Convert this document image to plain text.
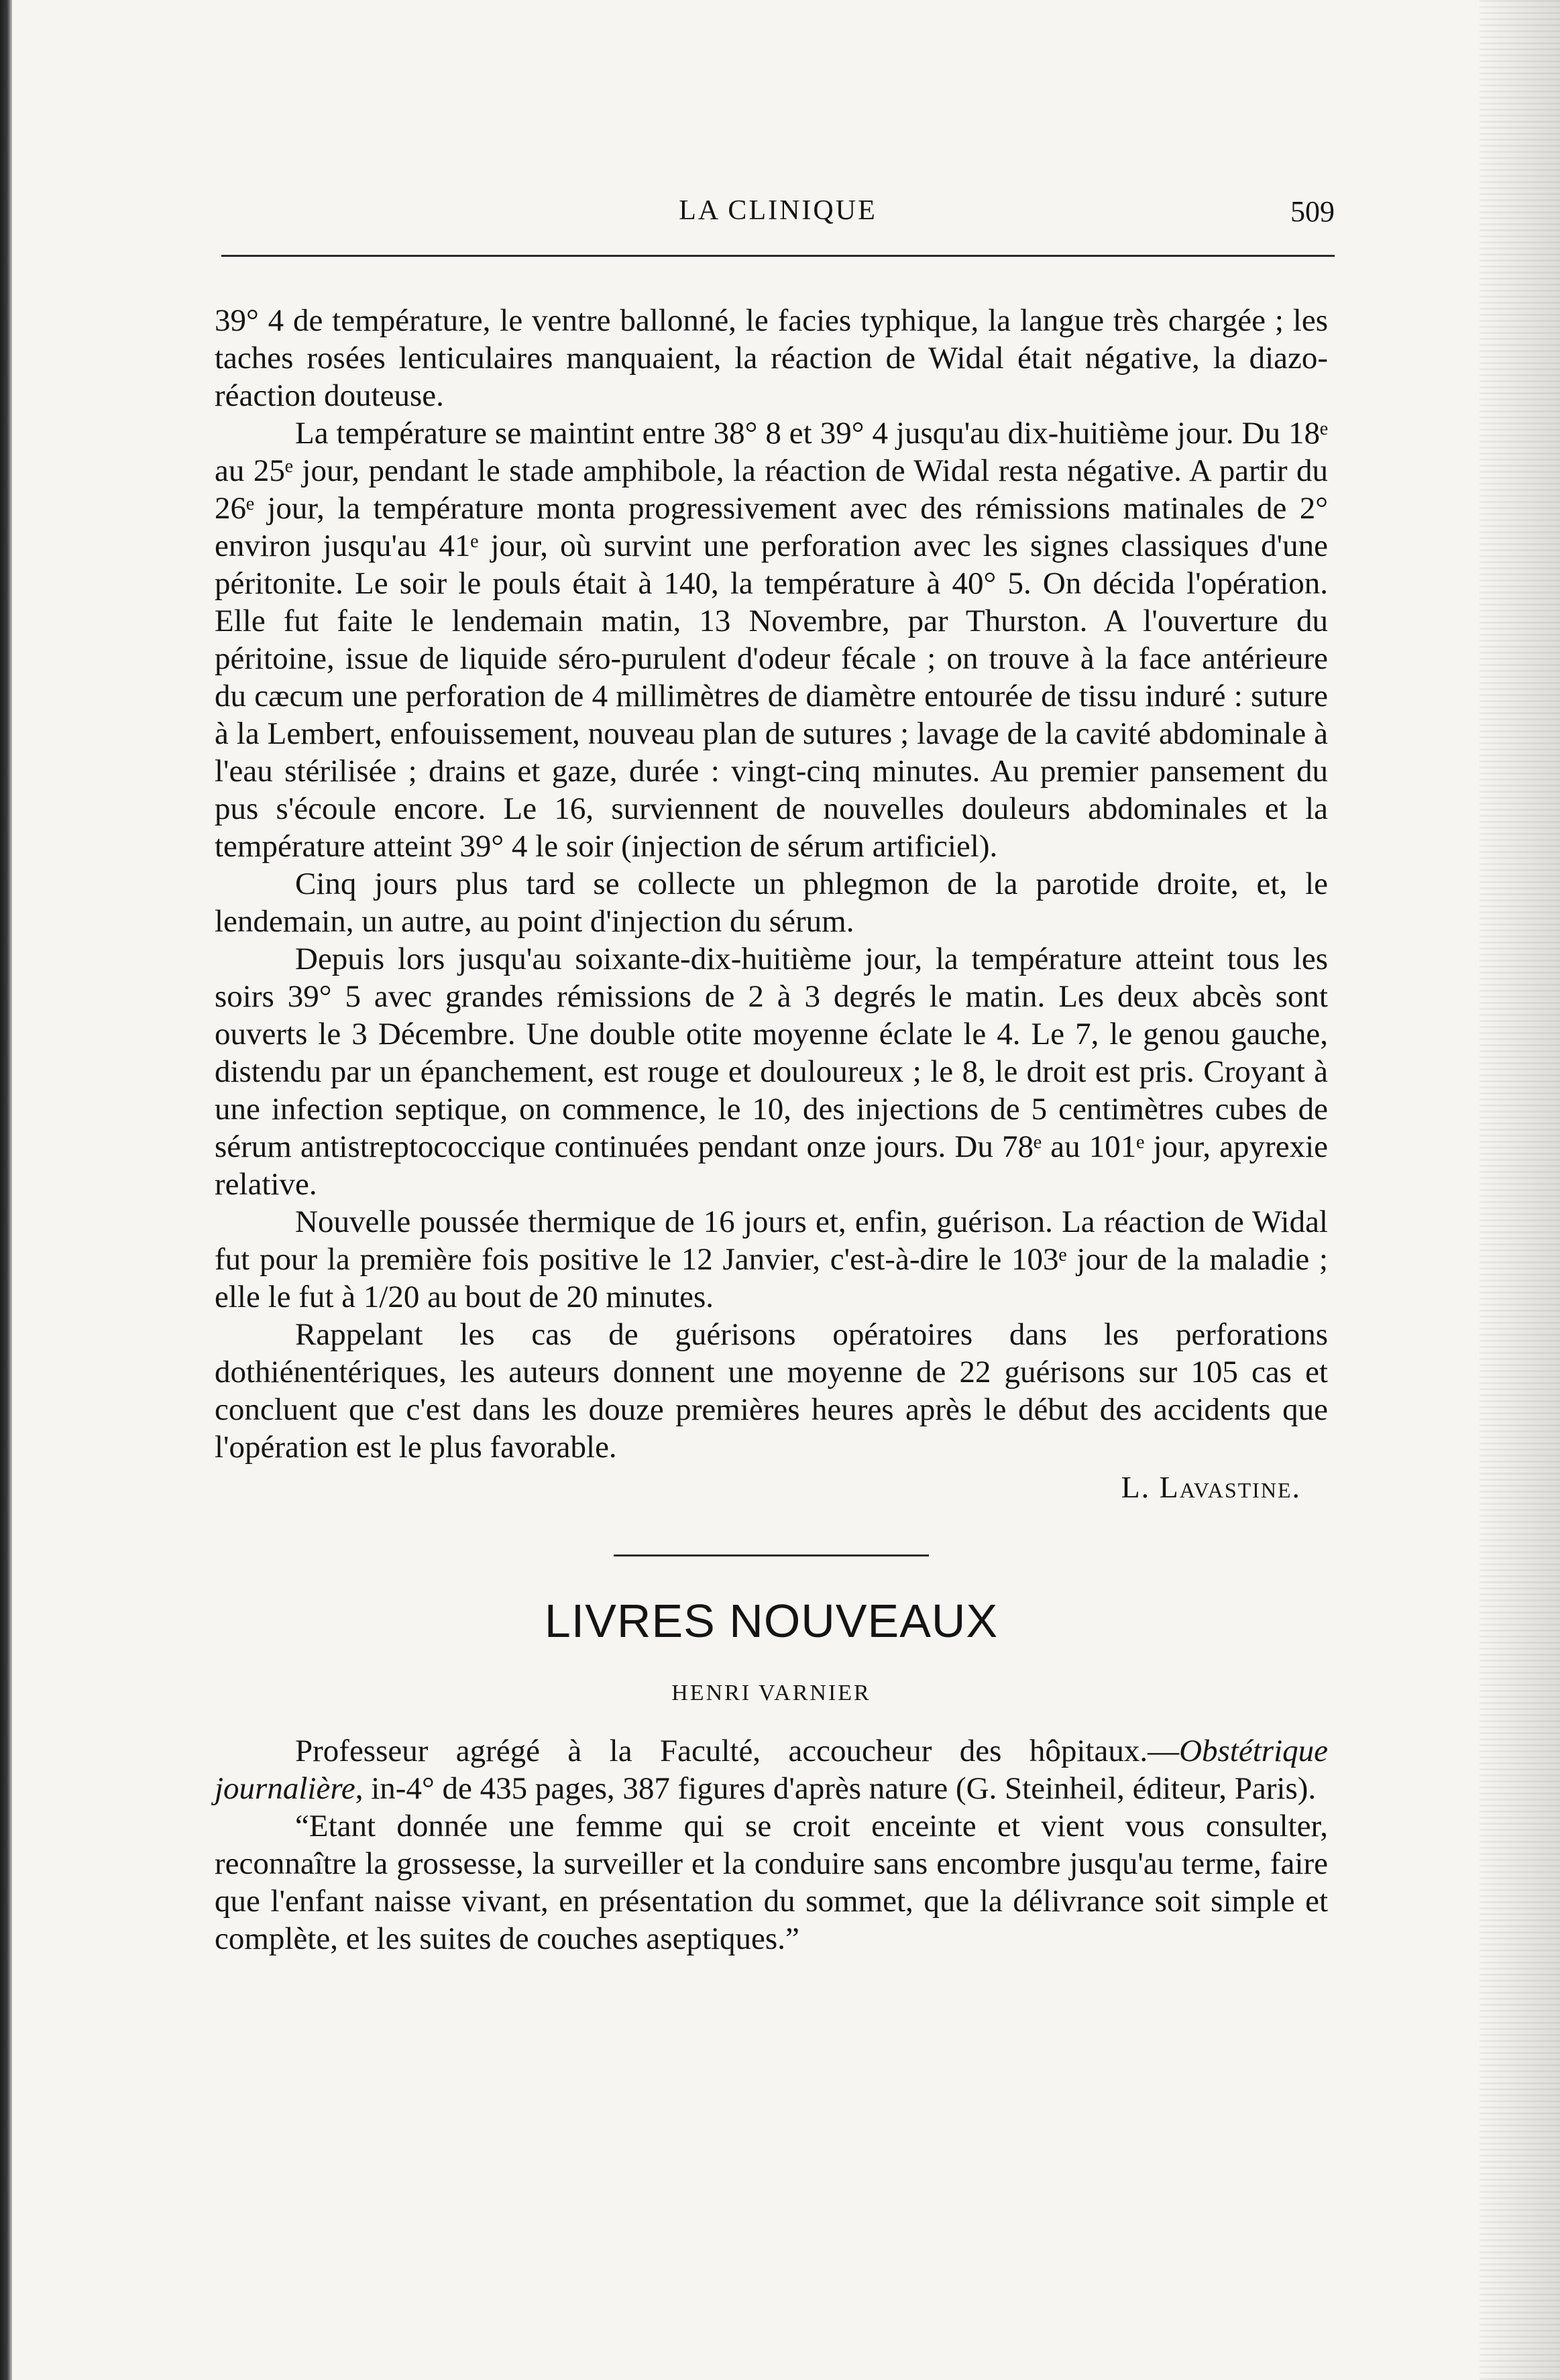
LA CLINIQUE	509

39° 4 de température, le ventre ballonné, le facies typhique, la langue très chargée ; les taches rosées lenticulaires manquaient, la réaction de Widal était négative, la diazo-réaction douteuse.

La température se maintint entre 38° 8 et 39° 4 jusqu'au dix-huitième jour. Du 18ᵉ au 25ᵉ jour, pendant le stade amphibole, la réaction de Widal resta négative. A partir du 26ᵉ jour, la température monta progressivement avec des rémissions matinales de 2° environ jusqu'au 41ᵉ jour, où survint une perforation avec les signes classiques d'une péritonite. Le soir le pouls était à 140, la température à 40° 5. On décida l'opération. Elle fut faite le lendemain matin, 13 Novembre, par Thurston. A l'ouverture du péritoine, issue de liquide séro-purulent d'odeur fécale ; on trouve à la face antérieure du cæcum une perforation de 4 millimètres de diamètre entourée de tissu induré : suture à la Lembert, enfouissement, nouveau plan de sutures ; lavage de la cavité abdominale à l'eau stérilisée ; drains et gaze, durée : vingt-cinq minutes. Au premier pansement du pus s'écoule encore. Le 16, surviennent de nouvelles douleurs abdominales et la température atteint 39° 4 le soir (injection de sérum artificiel).

Cinq jours plus tard se collecte un phlegmon de la parotide droite, et, le lendemain, un autre, au point d'injection du sérum.

Depuis lors jusqu'au soixante-dix-huitième jour, la température atteint tous les soirs 39° 5 avec grandes rémissions de 2 à 3 degrés le matin. Les deux abcès sont ouverts le 3 Décembre. Une double otite moyenne éclate le 4. Le 7, le genou gauche, distendu par un épanchement, est rouge et douloureux ; le 8, le droit est pris. Croyant à une infection septique, on commence, le 10, des injections de 5 centimètres cubes de sérum antistreptococcique continuées pendant onze jours. Du 78ᵉ au 101ᵉ jour, apyrexie relative.

Nouvelle poussée thermique de 16 jours et, enfin, guérison. La réaction de Widal fut pour la première fois positive le 12 Janvier, c'est-à-dire le 103ᵉ jour de la maladie ; elle le fut à 1/20 au bout de 20 minutes.

Rappelant les cas de guérisons opératoires dans les perforations dothiénentériques, les auteurs donnent une moyenne de 22 guérisons sur 105 cas et concluent que c'est dans les douze premières heures après le début des accidents que l'opération est le plus favorable.

L. Lavastine.
LIVRES NOUVEAUX
HENRI VARNIER

Professeur agrégé à la Faculté, accoucheur des hôpitaux.—Obstétrique journalière, in-4° de 435 pages, 387 figures d'après nature (G. Steinheil, éditeur, Paris).

“Etant donnée une femme qui se croit enceinte et vient vous consulter, reconnaître la grossesse, la surveiller et la conduire sans encombre jusqu'au terme, faire que l'enfant naisse vivant, en présentation du sommet, que la délivrance soit simple et complète, et les suites de couches aseptiques.”
